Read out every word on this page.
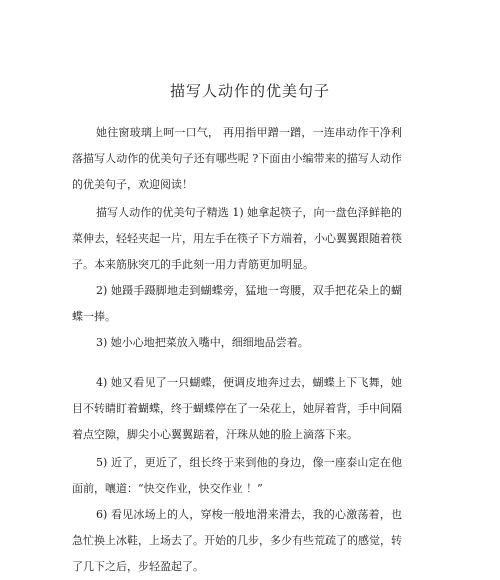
描写人动作的优美句子

她往窗玻璃上呵一口气， 再用指甲蹭一蹭，一连串动作干净利落描写人动作的优美句子还有哪些呢 ?下面由小编带来的描写人动作的优美句子，欢迎阅读！

描写人动作的优美句子精选 1) 她拿起筷子，向一盘色泽鲜艳的菜伸去，轻轻夹起一片，用左手在筷子下方端着，小心翼翼跟随着筷子。本来筋脉突兀的手此刻一用力青筋更加明显。

2) 她蹑手蹑脚地走到蝴蝶旁，猛地一弯腰，双手把花朵上的蝴蝶一捧。

3) 她小心地把菜放入嘴中，细细地品尝着。

4) 她又看见了一只蝴蝶，便调皮地奔过去，蝴蝶上下飞舞，她目不转睛盯着蝴蝶，终于蝴蝶停在了一朵花上，她屏着背，手中间隔着点空隙，脚尖小心翼翼踮着，汗珠从她的脸上滴落下来。

5) 近了，更近了，组长终于来到他的身边，像一座泰山定在他面前，嚷道：“快交作业，快交作业 ！”

6) 看见冰场上的人，穿梭一般地滑来滑去，我的心激荡着，也急忙换上冰鞋，上场去了。开始的几步，多少有些荒疏了的感觉，转了几下之后，步轻盈起了。
